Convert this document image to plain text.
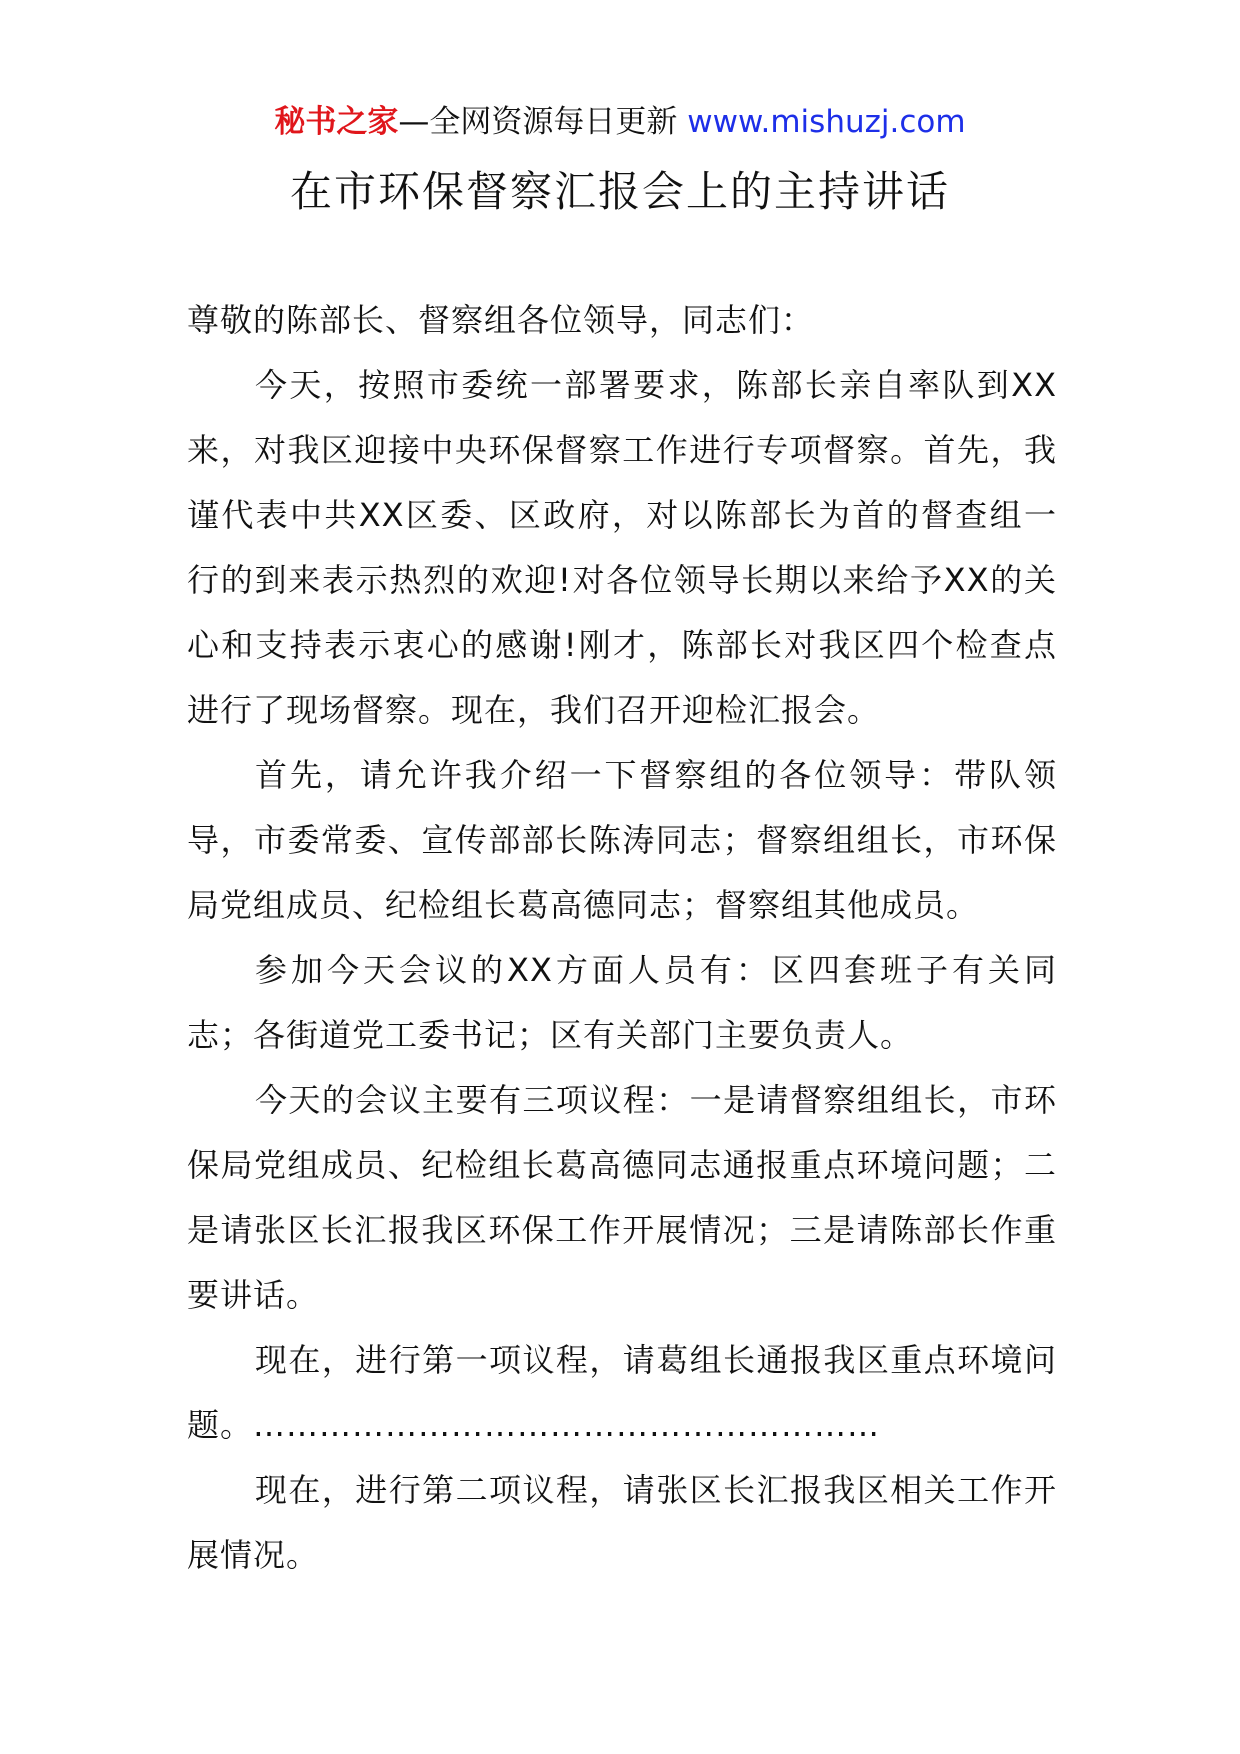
秘书之家—全网资源每日更新 www.mishuzj.com
在市环保督察汇报会上的主持讲话

尊敬的陈部长、督察组各位领导，同志们：

今天，按照市委统一部署要求，陈部长亲自率队到XX来，对我区迎接中央环保督察工作进行专项督察。首先，我谨代表中共XX区委、区政府，对以陈部长为首的督查组一行的到来表示热烈的欢迎!对各位领导长期以来给予XX的关心和支持表示衷心的感谢!刚才，陈部长对我区四个检查点进行了现场督察。现在，我们召开迎检汇报会。

首先，请允许我介绍一下督察组的各位领导：带队领导，市委常委、宣传部部长陈涛同志；督察组组长，市环保局党组成员、纪检组长葛高德同志；督察组其他成员。

参加今天会议的XX方面人员有：区四套班子有关同志；各街道党工委书记；区有关部门主要负责人。

今天的会议主要有三项议程：一是请督察组组长，市环保局党组成员、纪检组长葛高德同志通报重点环境问题；二是请张区长汇报我区环保工作开展情况；三是请陈部长作重要讲话。

现在，进行第一项议程，请葛组长通报我区重点环境问题。…………………………………………………

现在，进行第二项议程，请张区长汇报我区相关工作开展情况。
